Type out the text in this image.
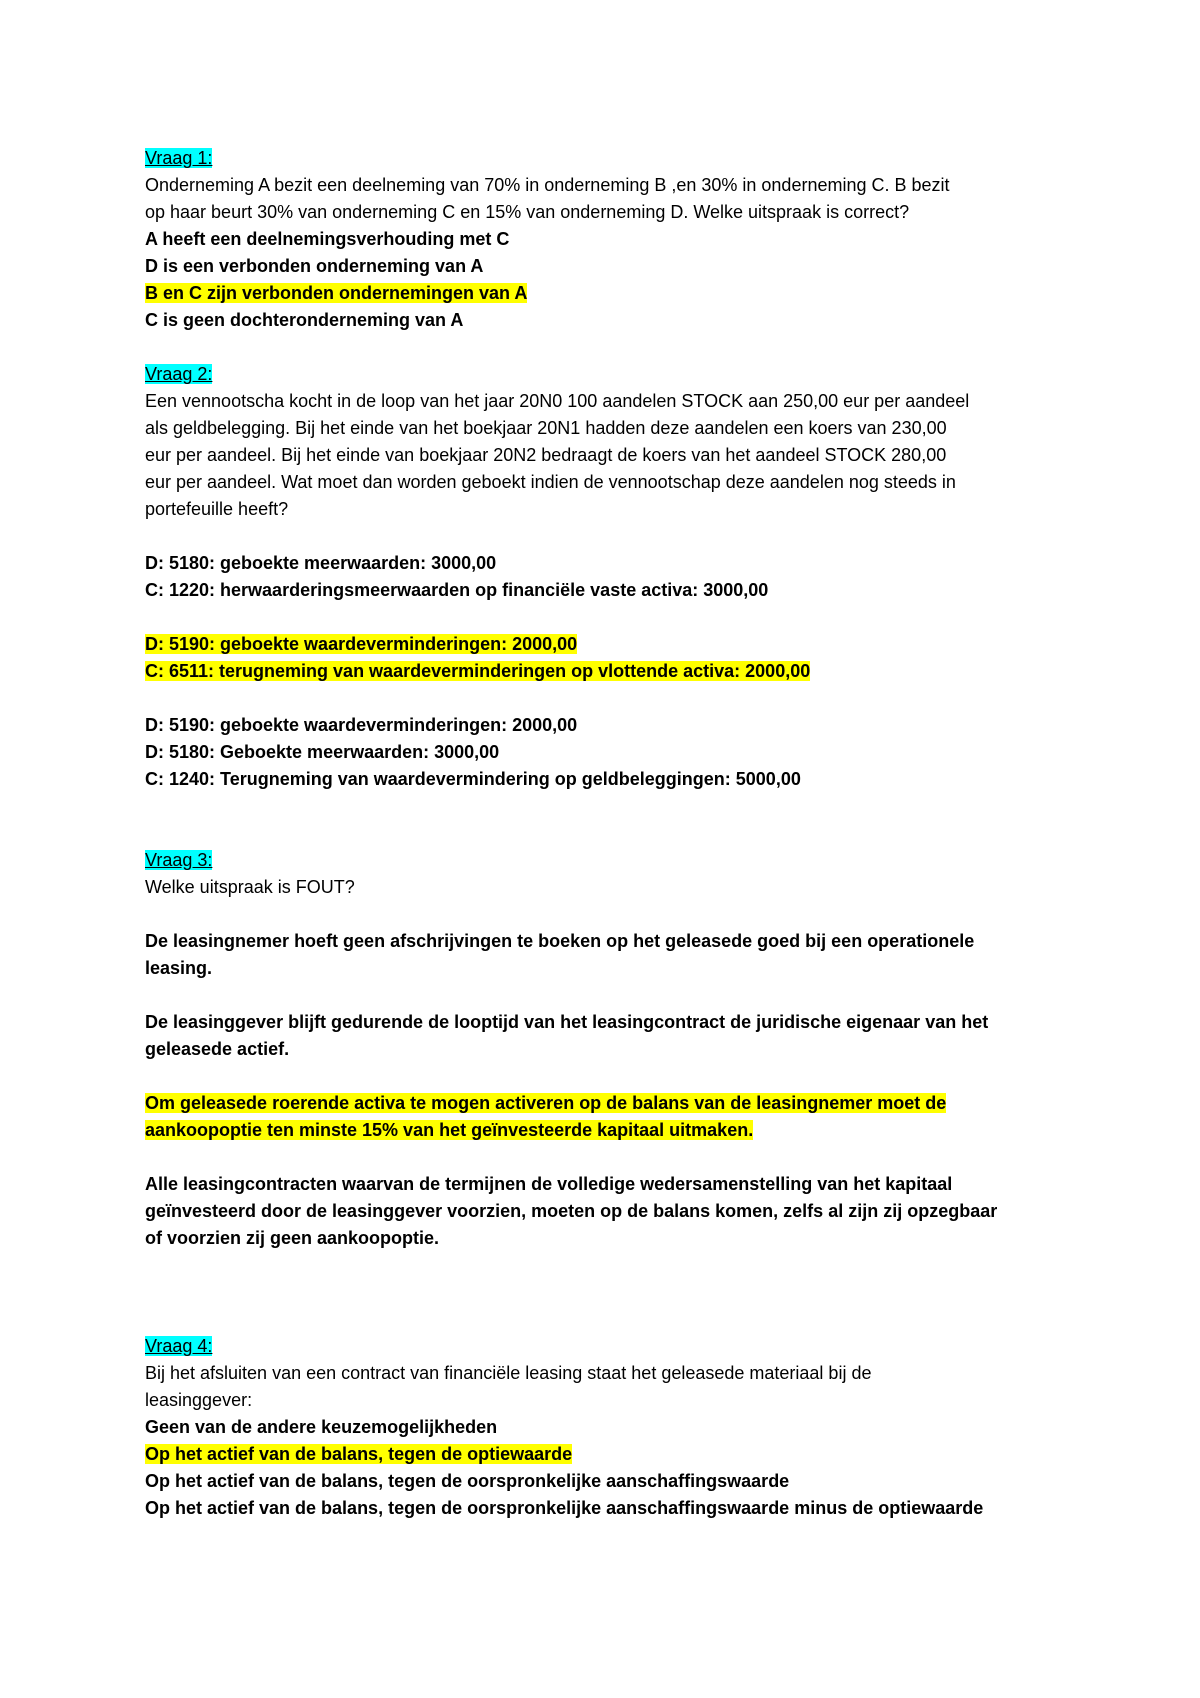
Vraag 1:
Onderneming A bezit een deelneming van 70% in onderneming B ,en 30% in onderneming C. B bezit
op haar beurt 30% van onderneming C en 15% van onderneming D. Welke uitspraak is correct?
A heeft een deelnemingsverhouding met C
D is een verbonden onderneming van A
B en C zijn verbonden ondernemingen van A
C is geen dochteronderneming van A
Vraag 2:
Een vennootscha kocht in de loop van het jaar 20N0 100 aandelen STOCK aan 250,00 eur per aandeel
als geldbelegging. Bij het einde van het boekjaar 20N1 hadden deze aandelen een koers van 230,00
eur per aandeel. Bij het einde van boekjaar 20N2 bedraagt de koers van het aandeel STOCK 280,00
eur per aandeel. Wat moet dan worden geboekt indien de vennootschap deze aandelen nog steeds in
portefeuille heeft?
D: 5180: geboekte meerwaarden: 3000,00
C: 1220: herwaarderingsmeerwaarden op financiële vaste activa: 3000,00
D: 5190: geboekte waardeverminderingen: 2000,00
C: 6511: terugneming van waardeverminderingen op vlottende activa: 2000,00
D: 5190: geboekte waardeverminderingen: 2000,00
D: 5180: Geboekte meerwaarden: 3000,00
C: 1240: Terugneming van waardevermindering op geldbeleggingen: 5000,00
Vraag 3:
Welke uitspraak is FOUT?
De leasingnemer hoeft geen afschrijvingen te boeken op het geleasede goed bij een operationele
leasing.
De leasinggever blijft gedurende de looptijd van het leasingcontract de juridische eigenaar van het
geleasede actief.
Om geleasede roerende activa te mogen activeren op de balans van de leasingnemer moet de
aankoopoptie ten minste 15% van het geïnvesteerde kapitaal uitmaken.
Alle leasingcontracten waarvan de termijnen de volledige wedersamenstelling van het kapitaal
geïnvesteerd door de leasinggever voorzien, moeten op de balans komen, zelfs al zijn zij opzegbaar
of voorzien zij geen aankoopoptie.
Vraag 4:
Bij het afsluiten van een contract van financiële leasing staat het geleasede materiaal bij de
leasinggever:
Geen van de andere keuzemogelijkheden
Op het actief van de balans, tegen de optiewaarde
Op het actief van de balans, tegen de oorspronkelijke aanschaffingswaarde
Op het actief van de balans, tegen de oorspronkelijke aanschaffingswaarde minus de optiewaarde
